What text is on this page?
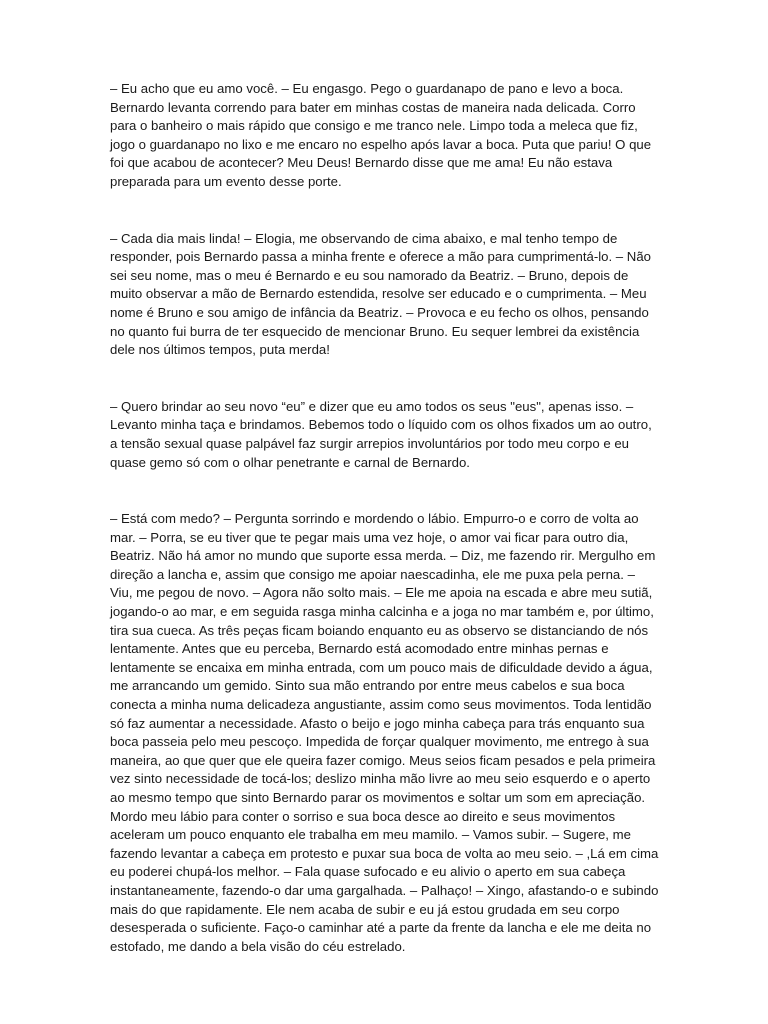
– Eu acho que eu amo você. – Eu engasgo. Pego o guardanapo de pano e levo a boca. Bernardo levanta correndo para bater em minhas costas de maneira nada delicada. Corro para o banheiro o mais rápido que consigo e me tranco nele. Limpo toda a meleca que fiz, jogo o guardanapo no lixo e me encaro no espelho após lavar a boca. Puta que pariu! O que foi que acabou de acontecer? Meu Deus! Bernardo disse que me ama! Eu não estava preparada para um evento desse porte.

– Cada dia mais linda! – Elogia, me observando de cima abaixo, e mal tenho tempo de responder, pois Bernardo passa a minha frente e oferece a mão para cumprimentá-lo. – Não sei seu nome, mas o meu é Bernardo e eu sou namorado da Beatriz. – Bruno, depois de muito observar a mão de Bernardo estendida, resolve ser educado e o cumprimenta. – Meu nome é Bruno e sou amigo de infância da Beatriz. – Provoca e eu fecho os olhos, pensando no quanto fui burra de ter esquecido de mencionar Bruno. Eu sequer lembrei da existência dele nos últimos tempos, puta merda!

– Quero brindar ao seu novo “eu” e dizer que eu amo todos os seus "eus", apenas isso. – Levanto minha taça e brindamos. Bebemos todo o líquido com os olhos fixados um ao outro, a tensão sexual quase palpável faz surgir arrepios involuntários por todo meu corpo e eu quase gemo só com o olhar penetrante e carnal de Bernardo.

– Está com medo? – Pergunta sorrindo e mordendo o lábio. Empurro-o e corro de volta ao mar. – Porra, se eu tiver que te pegar mais uma vez hoje, o amor vai ficar para outro dia, Beatriz. Não há amor no mundo que suporte essa merda. – Diz, me fazendo rir. Mergulho em direção a lancha e, assim que consigo me apoiar naescadinha, ele me puxa pela perna. – Viu, me pegou de novo. – Agora não solto mais. – Ele me apoia na escada e abre meu sutiã, jogando-o ao mar, e em seguida rasga minha calcinha e a joga no mar também e, por último, tira sua cueca. As três peças ficam boiando enquanto eu as observo se distanciando de nós lentamente. Antes que eu perceba, Bernardo está acomodado entre minhas pernas e lentamente se encaixa em minha entrada, com um pouco mais de dificuldade devido a água, me arrancando um gemido. Sinto sua mão entrando por entre meus cabelos e sua boca conecta a minha numa delicadeza angustiante, assim como seus movimentos. Toda lentidão só faz aumentar a necessidade. Afasto o beijo e jogo minha cabeça para trás enquanto sua boca passeia pelo meu pescoço. Impedida de forçar qualquer movimento, me entrego à sua maneira, ao que quer que ele queira fazer comigo. Meus seios ficam pesados e pela primeira vez sinto necessidade de tocá-los; deslizo minha mão livre ao meu seio esquerdo e o aperto ao mesmo tempo que sinto Bernardo parar os movimentos e soltar um som em apreciação. Mordo meu lábio para conter o sorriso e sua boca desce ao direito e seus movimentos aceleram um pouco enquanto ele trabalha em meu mamilo. – Vamos subir. – Sugere, me fazendo levantar a cabeça em protesto e puxar sua boca de volta ao meu seio. – ,Lá em cima eu poderei chupá-los melhor. – Fala quase sufocado e eu alivio o aperto em sua cabeça instantaneamente, fazendo-o dar uma gargalhada. – Palhaço! – Xingo, afastando-o e subindo mais do que rapidamente. Ele nem acaba de subir e eu já estou grudada em seu corpo desesperada o suficiente. Faço-o caminhar até a parte da frente da lancha e ele me deita no estofado, me dando a bela visão do céu estrelado.
